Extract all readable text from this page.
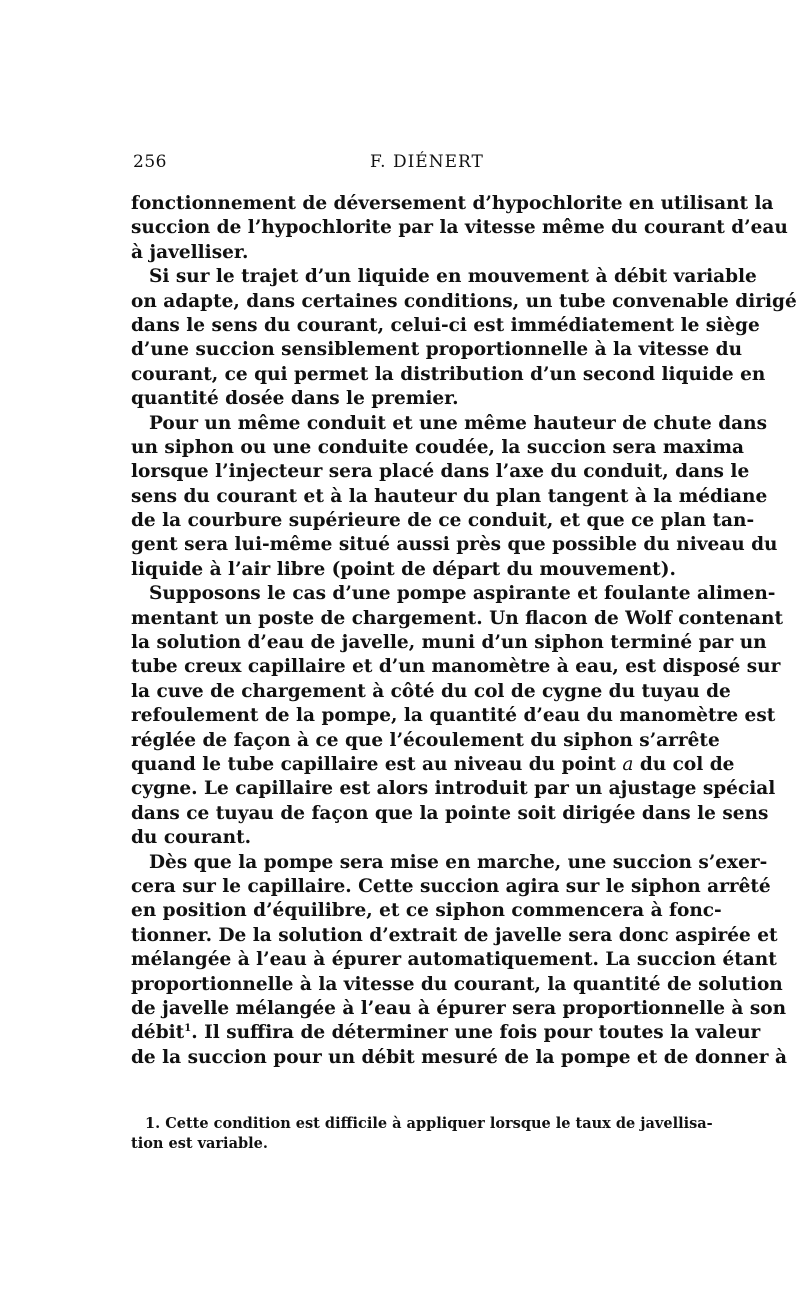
256	F. DIÉNERT
fonctionnement de déversement d’hypochlorite en utilisant la
succion de l’hypochlorite par la vitesse même du courant d’eau
à javelliser.
Si sur le trajet d’un liquide en mouvement à débit variable
on adapte, dans certaines conditions, un tube convenable dirigé
dans le sens du courant, celui-ci est immédiatement le siège
d’une succion sensiblement proportionnelle à la vitesse du
courant, ce qui permet la distribution d’un second liquide en
quantité dosée dans le premier.
Pour un même conduit et une même hauteur de chute dans
un siphon ou une conduite coudée, la succion sera maxima
lorsque l’injecteur sera placé dans l’axe du conduit, dans le
sens du courant et à la hauteur du plan tangent à la médiane
de la courbure supérieure de ce conduit, et que ce plan tan-
gent sera lui-même situé aussi près que possible du niveau du
liquide à l’air libre (point de départ du mouvement).
Supposons le cas d’une pompe aspirante et foulante alimen-
mentant un poste de chargement. Un flacon de Wolf contenant
la solution d’eau de javelle, muni d’un siphon terminé par un
tube creux capillaire et d’un manomètre à eau, est disposé sur
la cuve de chargement à côté du col de cygne du tuyau de
refoulement de la pompe, la quantité d’eau du manomètre est
réglée de façon à ce que l’écoulement du siphon s’arrête
quand le tube capillaire est au niveau du point a du col de
cygne. Le capillaire est alors introduit par un ajustage spécial
dans ce tuyau de façon que la pointe soit dirigée dans le sens
du courant.
Dès que la pompe sera mise en marche, une succion s’exer-
cera sur le capillaire. Cette succion agira sur le siphon arrêté
en position d’équilibre, et ce siphon commencera à fonc-
tionner. De la solution d’extrait de javelle sera donc aspirée et
mélangée à l’eau à épurer automatiquement. La succion étant
proportionnelle à la vitesse du courant, la quantité de solution
de javelle mélangée à l’eau à épurer sera proportionnelle à son
débit$^1$. Il suffira de déterminer une fois pour toutes la valeur
de la succion pour un débit mesuré de la pompe et de donner à
1. Cette condition est difficile à appliquer lorsque le taux de javellisa-
tion est variable.
